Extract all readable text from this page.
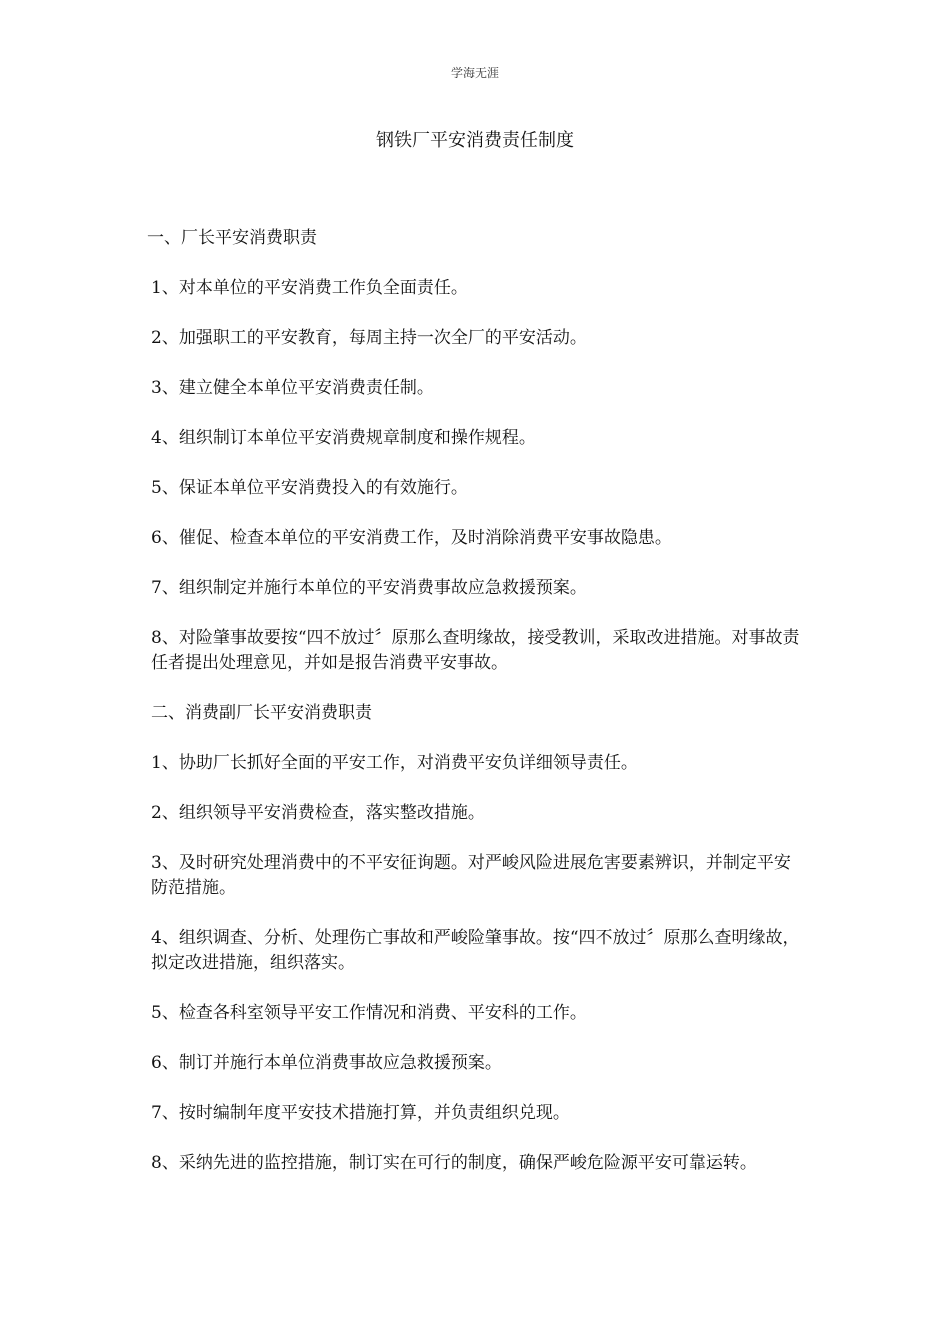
学海无涯
钢铁厂平安消费责任制度

一、厂长平安消费职责

1、对本单位的平安消费工作负全面责任。

2、加强职工的平安教育，每周主持一次全厂的平安活动。

3、建立健全本单位平安消费责任制。

4、组织制订本单位平安消费规章制度和操作规程。

5、保证本单位平安消费投入的有效施行。

6、催促、检查本单位的平安消费工作，及时消除消费平安事故隐患。

7、组织制定并施行本单位的平安消费事故应急救援预案。

8、对险肇事故要按“四不放过〞原那么查明缘故，接受教训，采取改进措施。对事故责任者提出处理意见，并如是报告消费平安事故。

二、消费副厂长平安消费职责

1、协助厂长抓好全面的平安工作，对消费平安负详细领导责任。

2、组织领导平安消费检查，落实整改措施。

3、及时研究处理消费中的不平安征询题。对严峻风险进展危害要素辨识，并制定平安防范措施。

4、组织调查、分析、处理伤亡事故和严峻险肇事故。按“四不放过〞原那么查明缘故，拟定改进措施，组织落实。

5、检查各科室领导平安工作情况和消费、平安科的工作。

6、制订并施行本单位消费事故应急救援预案。

7、按时编制年度平安技术措施打算，并负责组织兑现。

8、采纳先进的监控措施，制订实在可行的制度，确保严峻危险源平安可靠运转。
